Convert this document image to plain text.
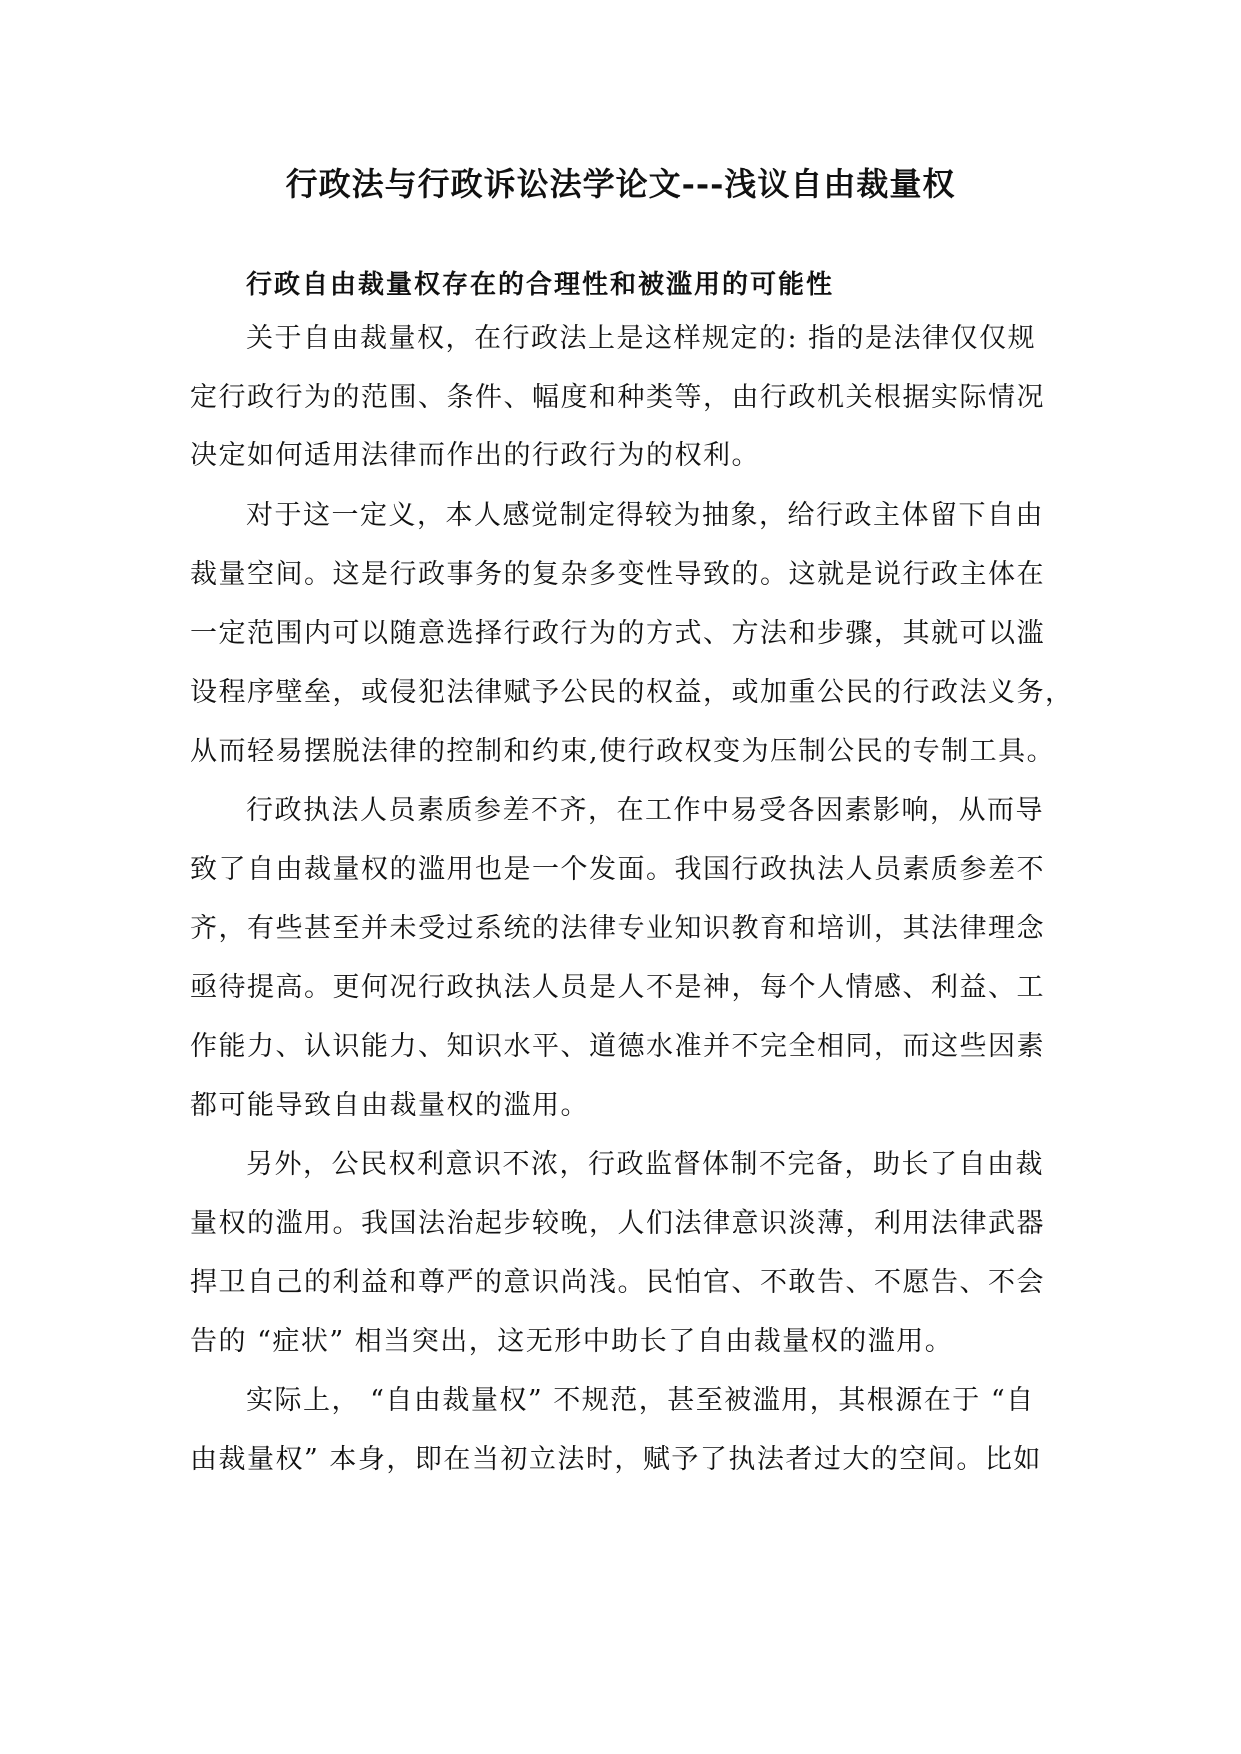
行政法与行政诉讼法学论文---浅议自由裁量权
行政自由裁量权存在的合理性和被滥用的可能性
关于自由裁量权，在行政法上是这样规定的: 指的是法律仅仅规
定行政行为的范围、条件、幅度和种类等，由行政机关根据实际情况
决定如何适用法律而作出的行政行为的权利。
对于这一定义，本人感觉制定得较为抽象，给行政主体留下自由
裁量空间。这是行政事务的复杂多变性导致的。这就是说行政主体在
一定范围内可以随意选择行政行为的方式、方法和步骤，其就可以滥
设程序壁垒，或侵犯法律赋予公民的权益，或加重公民的行政法义务，
从而轻易摆脱法律的控制和约束,使行政权变为压制公民的专制工具。
行政执法人员素质参差不齐，在工作中易受各因素影响，从而导
致了自由裁量权的滥用也是一个发面。我国行政执法人员素质参差不
齐，有些甚至并未受过系统的法律专业知识教育和培训，其法律理念
亟待提高。更何况行政执法人员是人不是神，每个人情感、利益、工
作能力、认识能力、知识水平、道德水准并不完全相同，而这些因素
都可能导致自由裁量权的滥用。
另外，公民权利意识不浓，行政监督体制不完备，助长了自由裁
量权的滥用。我国法治起步较晚，人们法律意识淡薄，利用法律武器
捍卫自己的利益和尊严的意识尚浅。民怕官、不敢告、不愿告、不会
告的 “症状” 相当突出，这无形中助长了自由裁量权的滥用。
实际上， “自由裁量权” 不规范，甚至被滥用，其根源在于 “自
由裁量权” 本身，即在当初立法时，赋予了执法者过大的空间。比如
